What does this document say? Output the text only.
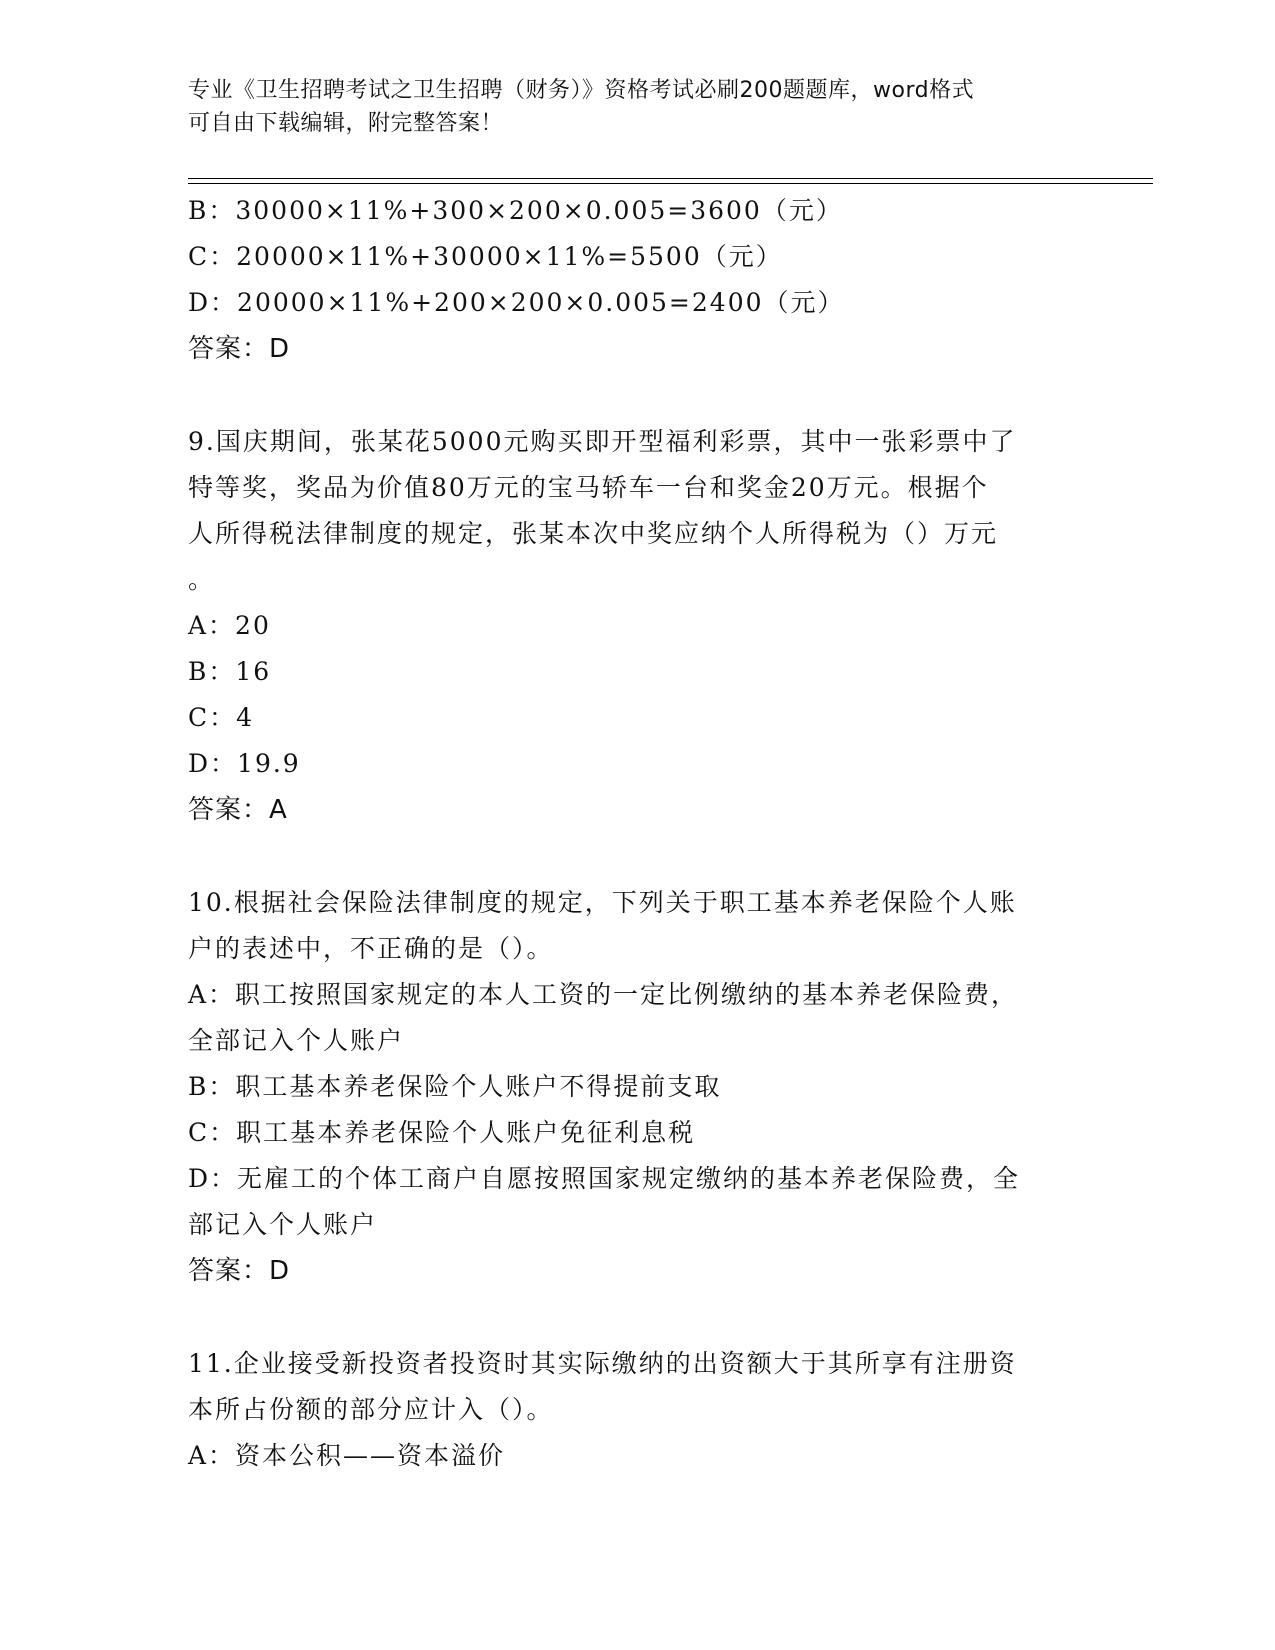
专业《卫生招聘考试之卫生招聘（财务）》资格考试必刷200题题库，word格式
可自由下载编辑，附完整答案！
B：30000×11%+300×200×0.005=3600（元）
C：20000×11%+30000×11%=5500（元）
D：20000×11%+200×200×0.005=2400（元）
答案：D
9.国庆期间，张某花5000元购买即开型福利彩票，其中一张彩票中了
特等奖，奖品为价值80万元的宝马轿车一台和奖金20万元。根据个
人所得税法律制度的规定，张某本次中奖应纳个人所得税为（）万元
。
A：20
B：16
C：4
D：19.9
答案：A
10.根据社会保险法律制度的规定，下列关于职工基本养老保险个人账
户的表述中，不正确的是（）。
A：职工按照国家规定的本人工资的一定比例缴纳的基本养老保险费，
全部记入个人账户
B：职工基本养老保险个人账户不得提前支取
C：职工基本养老保险个人账户免征利息税
D：无雇工的个体工商户自愿按照国家规定缴纳的基本养老保险费，全
部记入个人账户
答案：D
11.企业接受新投资者投资时其实际缴纳的出资额大于其所享有注册资
本所占份额的部分应计入（）。
A：资本公积——资本溢价
